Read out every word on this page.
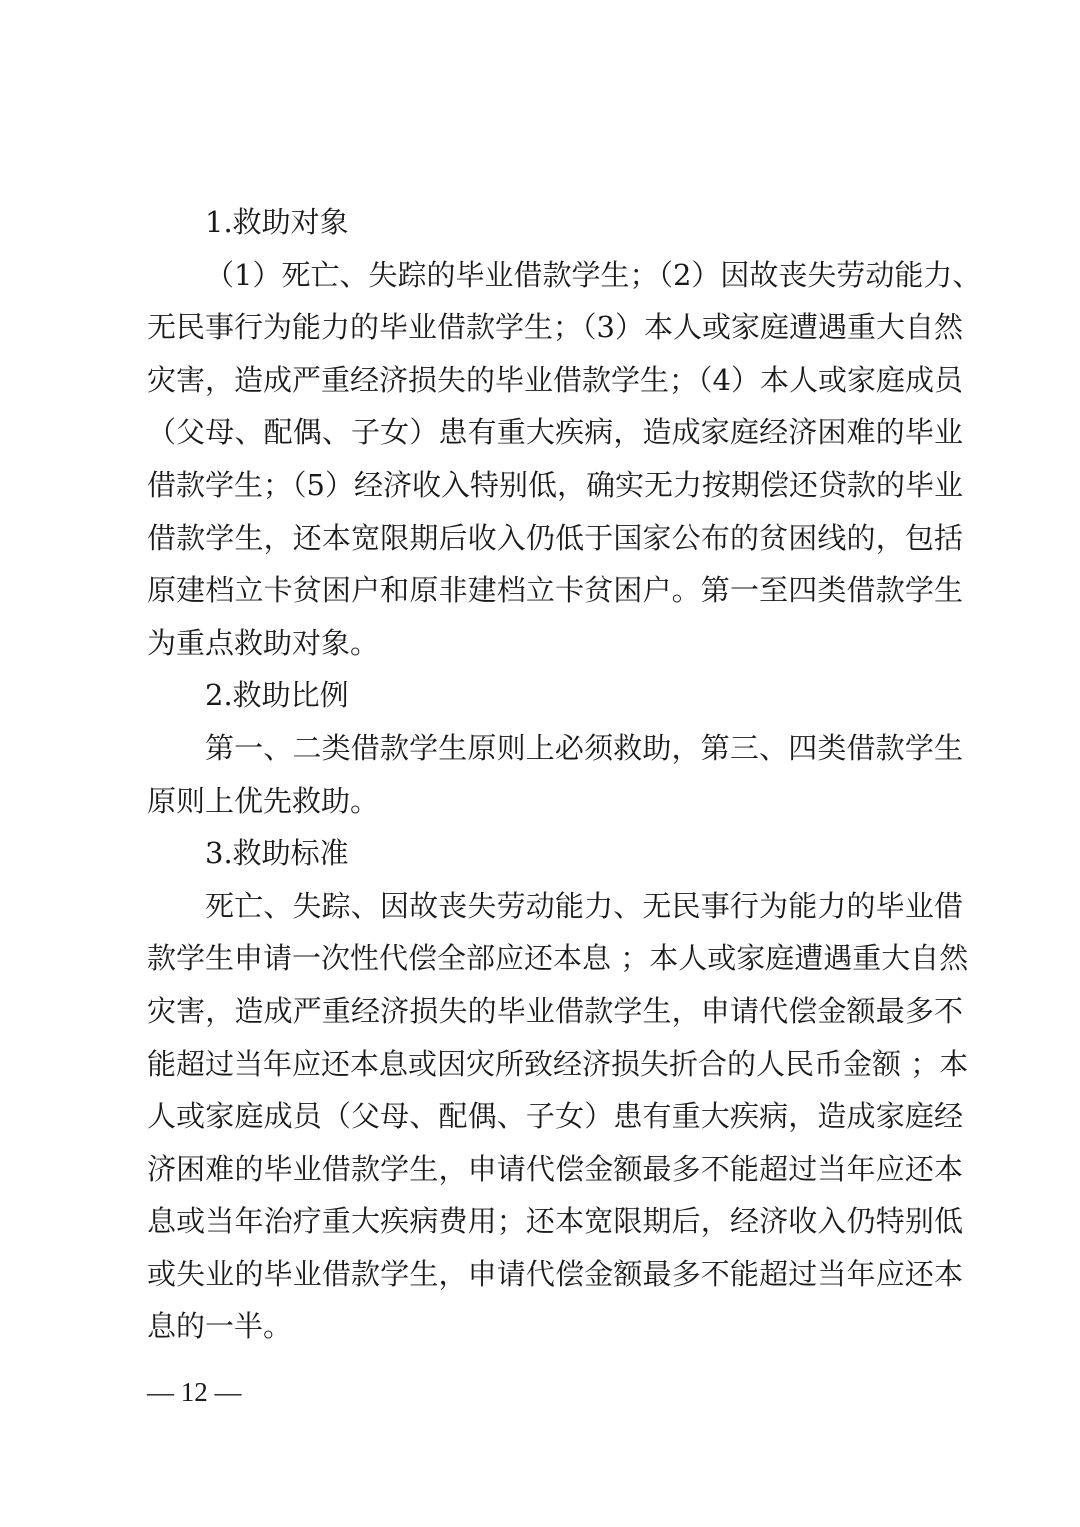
1.救助对象
（1）死亡、失踪的毕业借款学生；（2）因故丧失劳动能力、
无民事行为能力的毕业借款学生；（3）本人或家庭遭遇重大自然
灾害，造成严重经济损失的毕业借款学生；（4）本人或家庭成员
（父母、配偶、子女）患有重大疾病，造成家庭经济困难的毕业
借款学生；（5）经济收入特别低，确实无力按期偿还贷款的毕业
借款学生，还本宽限期后收入仍低于国家公布的贫困线的，包括
原建档立卡贫困户和原非建档立卡贫困户。第一至四类借款学生
为重点救助对象。
2.救助比例
第一、二类借款学生原则上必须救助，第三、四类借款学生
原则上优先救助。
3.救助标准
死亡、失踪、因故丧失劳动能力、无民事行为能力的毕业借
款学生申请一次性代偿全部应还本息 ；本人或家庭遭遇重大自然
灾害，造成严重经济损失的毕业借款学生，申请代偿金额最多不
能超过当年应还本息或因灾所致经济损失折合的人民币金额 ；本
人或家庭成员（父母、配偶、子女）患有重大疾病，造成家庭经
济困难的毕业借款学生，申请代偿金额最多不能超过当年应还本
息或当年治疗重大疾病费用；还本宽限期后，经济收入仍特别低
或失业的毕业借款学生，申请代偿金额最多不能超过当年应还本
息的一半。
— 12 —
